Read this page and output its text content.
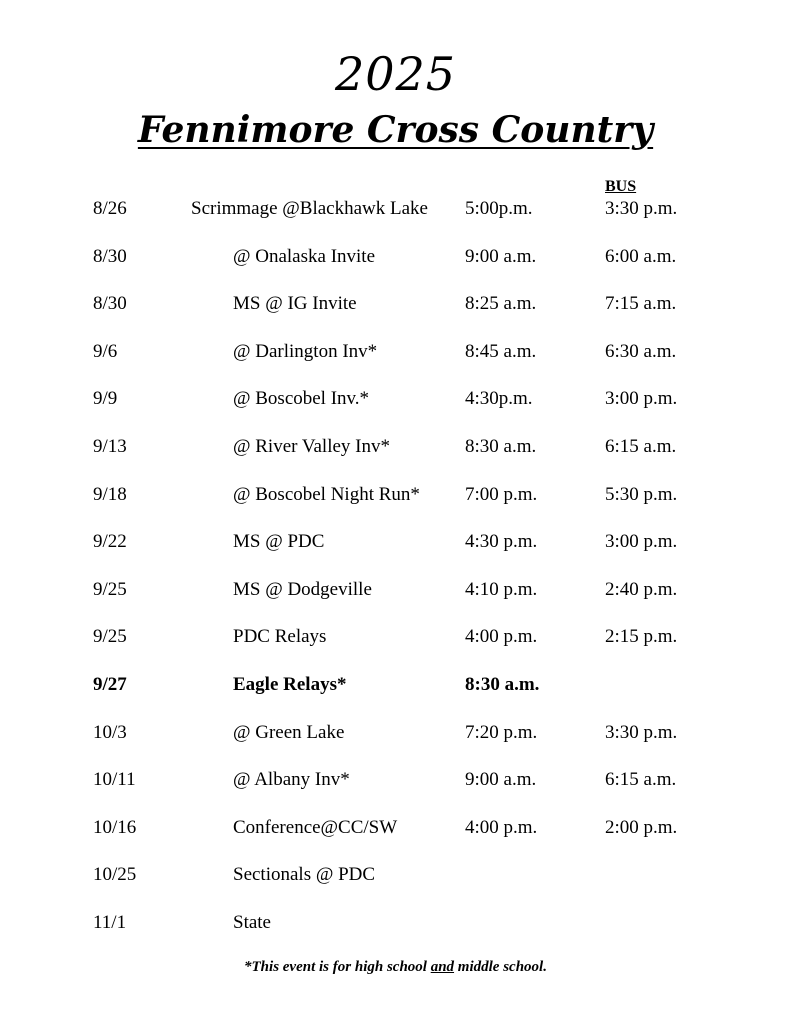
2025
Fennimore Cross Country
BUS
8/26	Scrimmage @Blackhawk Lake 5:00p.m.	3:30 p.m.
8/30	@ Onalaska Invite	9:00 a.m.	6:00 a.m.
8/30	MS @ IG Invite	8:25 a.m.	7:15 a.m.
9/6	@ Darlington Inv*	8:45 a.m.	6:30 a.m.
9/9	@ Boscobel Inv.*	4:30p.m.	3:00 p.m.
9/13	@ River Valley Inv*	8:30 a.m.	6:15 a.m.
9/18	@ Boscobel Night Run* 7:00 p.m.	5:30 p.m.
9/22	MS @ PDC	4:30 p.m.	3:00 p.m.
9/25	MS @ Dodgeville	4:10 p.m.	2:40 p.m.
9/25	PDC Relays	4:00 p.m.	2:15 p.m.
9/27	Eagle Relays*	8:30 a.m.
10/3	@ Green Lake	7:20 p.m.	3:30 p.m.
10/11	@ Albany Inv*	9:00 a.m.	6:15 a.m.
10/16	Conference@CC/SW	4:00 p.m.	2:00 p.m.
10/25	Sectionals @ PDC
11/1	State
*This event is for high school and middle school.
